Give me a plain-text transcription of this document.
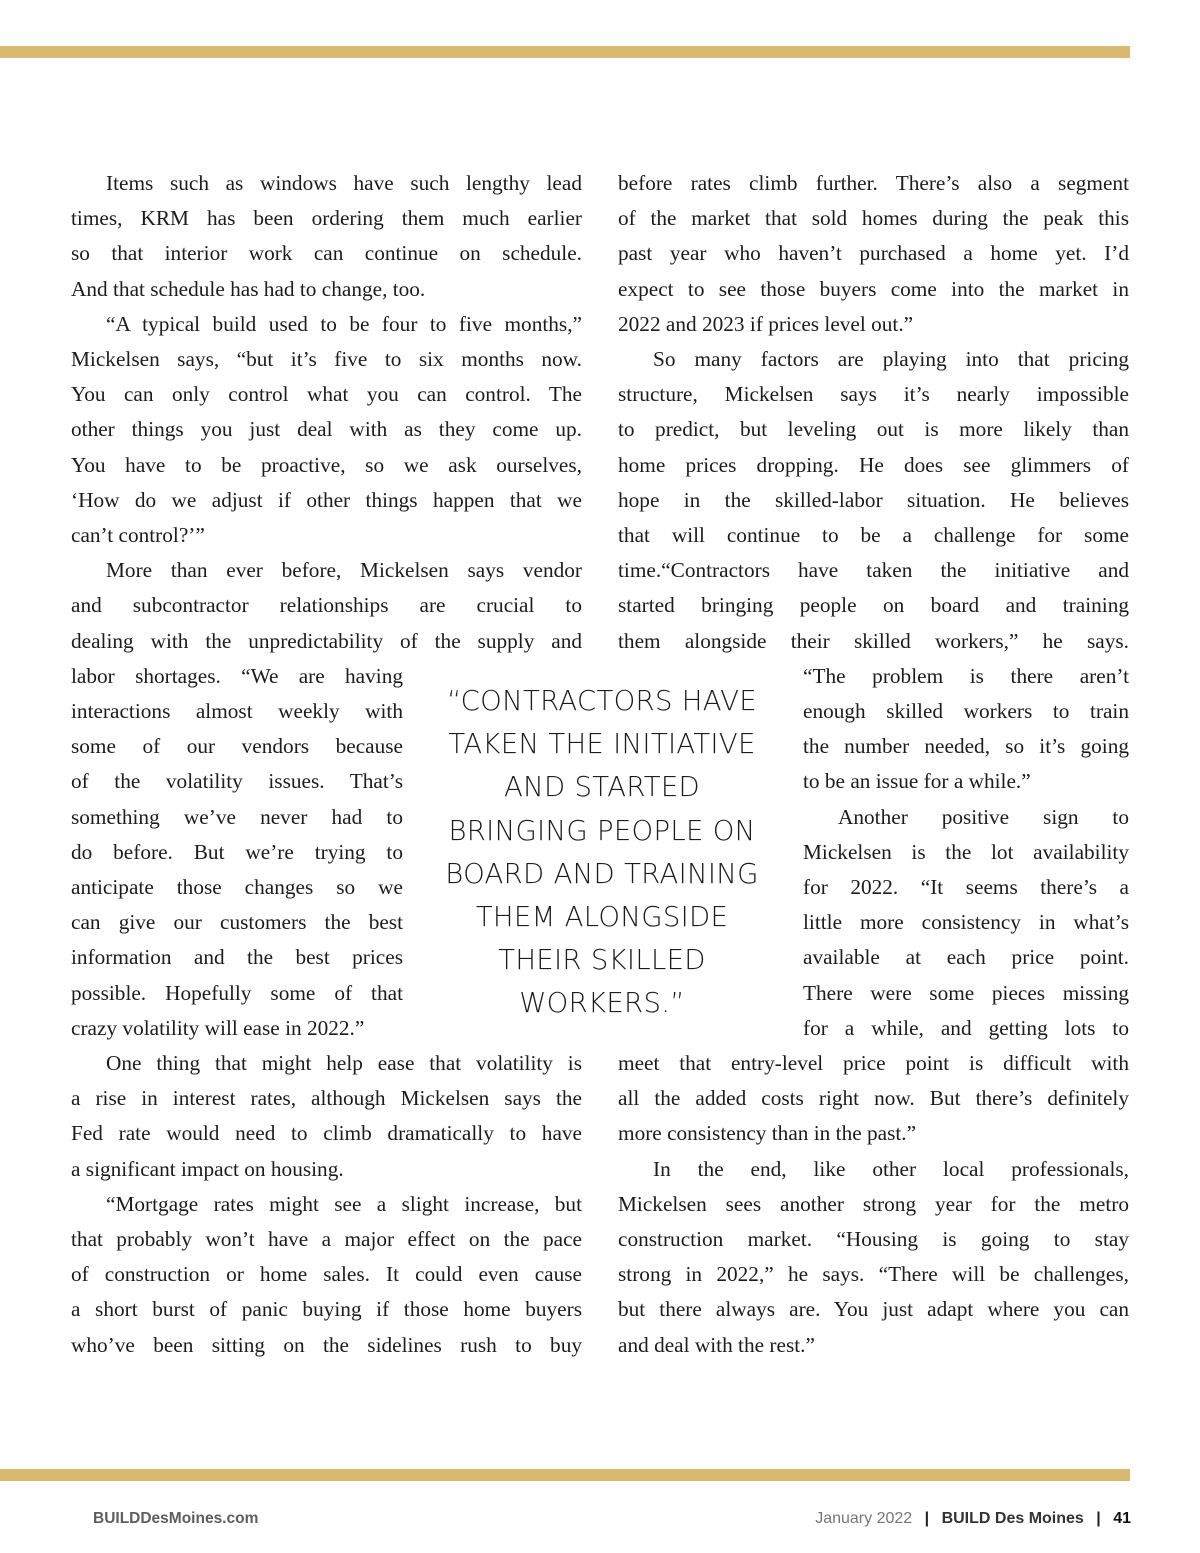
Items such as windows have such lengthy lead
times, KRM has been ordering them much earlier
so that interior work can continue on schedule.
And that schedule has had to change, too.
“A typical build used to be four to five months,”
Mickelsen says, “but it’s five to six months now.
You can only control what you can control. The
other things you just deal with as they come up.
You have to be proactive, so we ask ourselves,
‘How do we adjust if other things happen that we
can’t control?’”
More than ever before, Mickelsen says vendor
and subcontractor relationships are crucial to
dealing with the unpredictability of the supply and
labor shortages. “We are having
interactions almost weekly with
some of our vendors because
of the volatility issues. That’s
something we’ve never had to
do before. But we’re trying to
anticipate those changes so we
can give our customers the best
information and the best prices
possible. Hopefully some of that
crazy volatility will ease in 2022.”
One thing that might help ease that volatility is
a rise in interest rates, although Mickelsen says the
Fed rate would need to climb dramatically to have
a significant impact on housing.
“Mortgage rates might see a slight increase, but
that probably won’t have a major effect on the pace
of construction or home sales. It could even cause
a short burst of panic buying if those home buyers
who’ve been sitting on the sidelines rush to buy
before rates climb further. There’s also a segment
of the market that sold homes during the peak this
past year who haven’t purchased a home yet. I’d
expect to see those buyers come into the market in
2022 and 2023 if prices level out.”
So many factors are playing into that pricing
structure, Mickelsen says it’s nearly impossible
to predict, but leveling out is more likely than
home prices dropping. He does see glimmers of
hope in the skilled-labor situation. He believes
that will continue to be a challenge for some
time.“Contractors have taken the initiative and
started bringing people on board and training
them alongside their skilled workers,” he says.
“The problem is there aren’t
enough skilled workers to train
the number needed, so it’s going
to be an issue for a while.”
Another positive sign to
Mickelsen is the lot availability
for 2022. “It seems there’s a
little more consistency in what’s
available at each price point.
There were some pieces missing
for a while, and getting lots to
meet that entry-level price point is difficult with
all the added costs right now. But there’s definitely
more consistency than in the past.”
In the end, like other local professionals,
Mickelsen sees another strong year for the metro
construction market. “Housing is going to stay
strong in 2022,” he says. “There will be challenges,
but there always are. You just adapt where you can
and deal with the rest.”
“CONTRACTORS HAVE
TAKEN THE INITIATIVE
AND STARTED
BRINGING PEOPLE ON
BOARD AND TRAINING
THEM ALONGSIDE
THEIR SKILLED
WORKERS.”
BUILDDesMoines.com	January 2022 | BUILD Des Moines | 41
